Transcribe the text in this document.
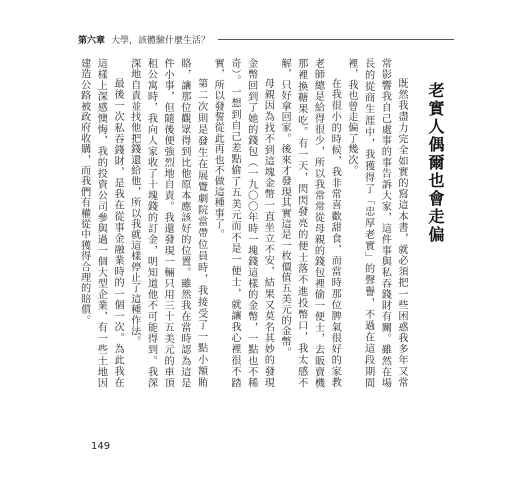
第六章 大學，該體驗什麼生活？
老實人偶爾也會走偏

既然我盡力完全如實的寫這本書，就必須把一些困惑我多年又常常影響我自己處事的事告訴大家，這件事與私吞錢財有關。雖然在場長的從商生涯中，我獲得了「忠厚老實」的聲譽，不過在這段期間裡，我也曾走偏了幾次。

在我很小的時候，我非常喜歡甜食，而當時那位脾氣很好的家教老師總是給得很少，所以我常常從母親的錢包裡偷一便士，去販賣機那裡換糖果吃。有一天，閃閃發亮的便士落不進投幣口，我太感不解，只好拿回家。後來才發現其實這是一枚價值五美元的金幣。

母親因為找不到這塊金幣一直坐立不安，結果又莫名其妙的發現金幣回到了她的錢包（一九〇〇年時一塊錢這樣的金幣，一點也不稀奇）。一想到自己差點偷了五美元而不是一便士，就讓我心裡很不踏實，所以發誓從此再也不做這種事了。

第二次則是發生在展覽劇院當帶位員時，我接受了一點小額賄賂，讓那位觀眾得到比他原本應該好的位置。雖然我在當時認為這是件小事，但隨後便強烈地自責。我還發現一輛只用三十五美元的車頂租公寓時，我向人家收了十塊錢的訂金，明知道他不可能得到。我深深地自責並找他把錢還給他，所以我就這樣停止了這種作法。

最後一次私吞錢財，是我在從事金融業時的一個一次。為此我在這樣上深感懊悔，我的投資公司參與過一個大型企業，有一些土地因建造公路被政府收購，而我們有權從中獲得合理的賠償。

149
